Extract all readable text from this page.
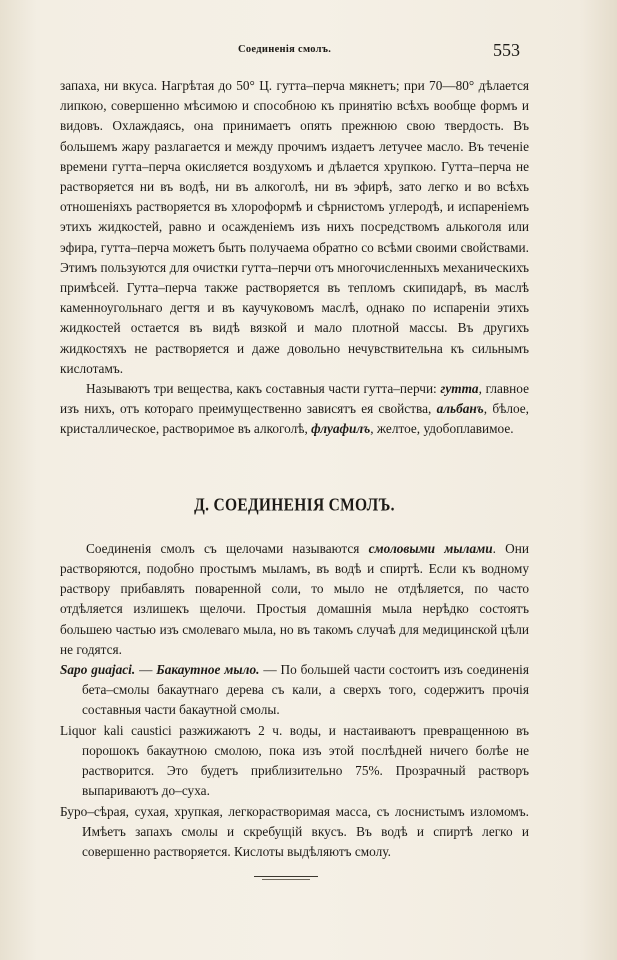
Соединенія смолъ.	553

запаха, ни вкуса. Нагрѣтая до 50° Ц. гутта–перча мякнетъ; при 70—80° дѣлается липкою, совершенно мѣсимою и способною къ принятію всѣхъ вообще формъ и видовъ. Охлаждаясь, она принимаетъ опять прежнюю свою твердость. Въ большемъ жару разлагается и между прочимъ издаетъ летучее масло. Въ теченіе времени гутта–перча окисляется воздухомъ и дѣлается хрупкою. Гутта–перча не растворяется ни въ водѣ, ни въ алкоголѣ, ни въ эфирѣ, зато легко и во всѣхъ отношеніяхъ растворяется въ хлороформѣ и сѣрнистомъ углеродѣ, и испареніемъ этихъ жидкостей, равно и осажденіемъ изъ нихъ посредствомъ алькоголя или эфира, гутта–перча можетъ быть получаема обратно со всѣми своими свойствами. Этимъ пользуются для очистки гутта–перчи отъ многочисленныхъ механическихъ примѣсей. Гутта–перча также растворяется въ тепломъ скипидарѣ, въ маслѣ каменноугольнаго дегтя и въ каучуковомъ маслѣ, однако по испареніи этихъ жидкостей остается въ видѣ вязкой и мало плотной массы. Въ другихъ жидкостяхъ не растворяется и даже довольно нечувствительна къ сильнымъ кислотамъ.

Называютъ три вещества, какъ составныя части гутта–перчи: гутта, главное изъ нихъ, отъ котораго преимущественно зависятъ ея свойства, альбанъ, бѣлое, кристаллическое, растворимое въ алкоголѣ, флуафилъ, желтое, удобоплавимое.

Д. СОЕДИНЕНІЯ СМОЛЪ.

Соединенія смолъ съ щелочами называются смоловыми мылами. Они растворяются, подобно простымъ мыламъ, въ водѣ и спиртѣ. Если къ водному раствору прибавлять поваренной соли, то мыло не отдѣляется, по часто отдѣляется излишекъ щелочи. Простыя домашнія мыла нерѣдко состоятъ большею частью изъ смолеваго мыла, но въ такомъ случаѣ для медицинской цѣли не годятся.

Sapo guajaci. — Бакаутное мыло. — По большей части состоитъ изъ соединенія бета–смолы бакаутнаго дерева съ кали, а сверхъ того, содержитъ прочія составныя части бакаутной смолы.

Liquor kali caustici разжижаютъ 2 ч. воды, и настаиваютъ превращенною въ порошокъ бакаутною смолою, пока изъ этой послѣдней ничего болѣе не растворится. Это будетъ приблизительно 75%. Прозрачный растворъ выпариваютъ до–суха.

Буро–сѣрая, сухая, хрупкая, легкорастворимая масса, съ лоснистымъ изломомъ. Имѣетъ запахъ смолы и скребущій вкусъ. Въ водѣ и спиртѣ легко и совершенно растворяется. Кислоты выдѣляютъ смолу.
